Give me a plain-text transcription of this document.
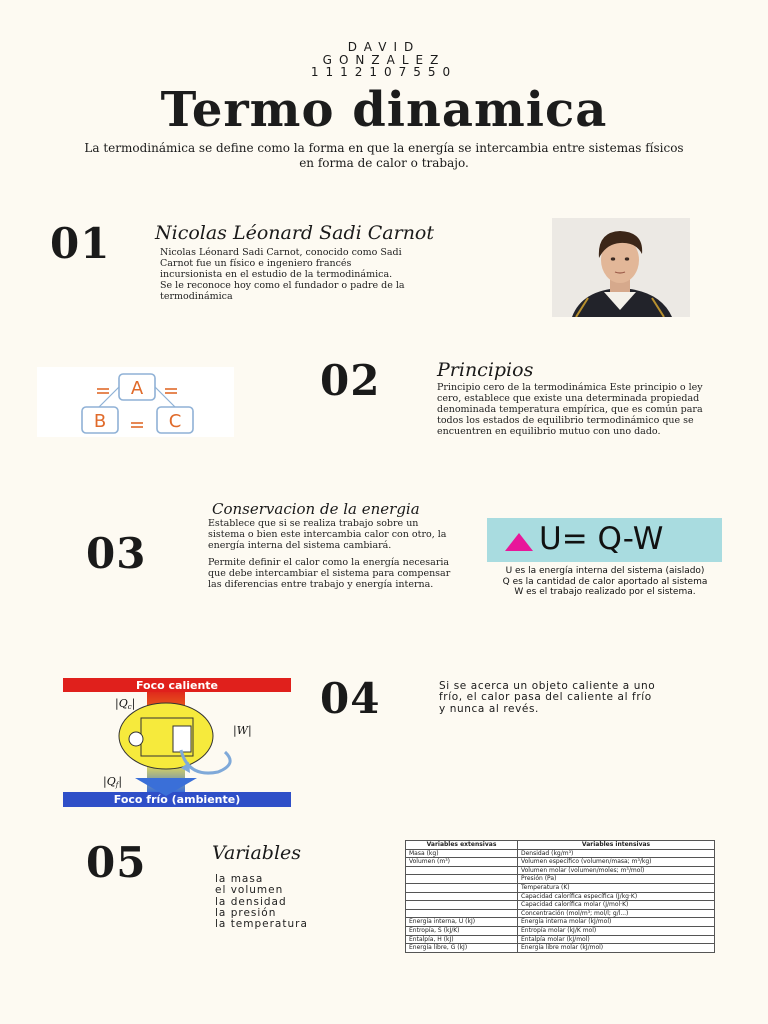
DAVID
GONZALEZ
1112107550
Termo dinamica
La termodinámica se define como la forma en que la energía se intercambia entre sistemas físicos en forma de calor o trabajo.
01 Nicolas Léonard Sadi Carnot
Nicolas Léonard Sadi Carnot, conocido como Sadi Carnot fue un físico e ingeniero francés incursionista en el estudio de la termodinámica. Se le reconoce hoy como el fundador o padre de la termodinámica
A
B	C
02	Principios
Principio cero de la termodinámica Este principio o ley cero, establece que existe una determinada propiedad denominada temperatura empírica, que es común para todos los estados de equilibrio termodinámico que se encuentren en equilibrio mutuo con uno dado.
Conservacion de la energia
Establece que si se realiza trabajo sobre un sistema o bien este intercambia calor con otro, la energía interna del sistema cambiará.
Permite definir el calor como la energía necesaria que debe intercambiar el sistema para compensar las diferencias entre trabajo y energía interna.
03	U= Q-W
U es la energía interna del sistema (aislado)
Q es la cantidad de calor aportado al sistema
W es el trabajo realizado por el sistema.
Foco caliente
Foco frío (ambiente)
|Qc|
|Qf|
|W|
04	Si se acerca un objeto caliente a uno frío, el calor pasa del caliente al frío y nunca al revés.
05	Variables
la masa
el volumen
la densidad
la presión
la temperatura
Variables extensivas	Variables intensivas
Masa (kg)	Densidad (kg/m³)
Volumen (m³)	Volumen específico (volumen/masa; m³/kg)
	Volumen molar (volumen/moles; m³/mol)
	Presión (Pa)
	Temperatura (K)
	Capacidad calorífica específica (J/kg·K)
	Capacidad calorífica molar (J/mol·K)
	Concentración (mol/m³; mol/l; g/l...)
Energía interna, U (kJ)	Energía interna molar (kJ/mol)
Entropía, S (kJ/K)	Entropía molar (kJ/K mol)
Entalpía, H (kJ)	Entalpía molar (kJ/mol)
Energía libre, G (kJ)	Energía libre molar (kJ/mol)
